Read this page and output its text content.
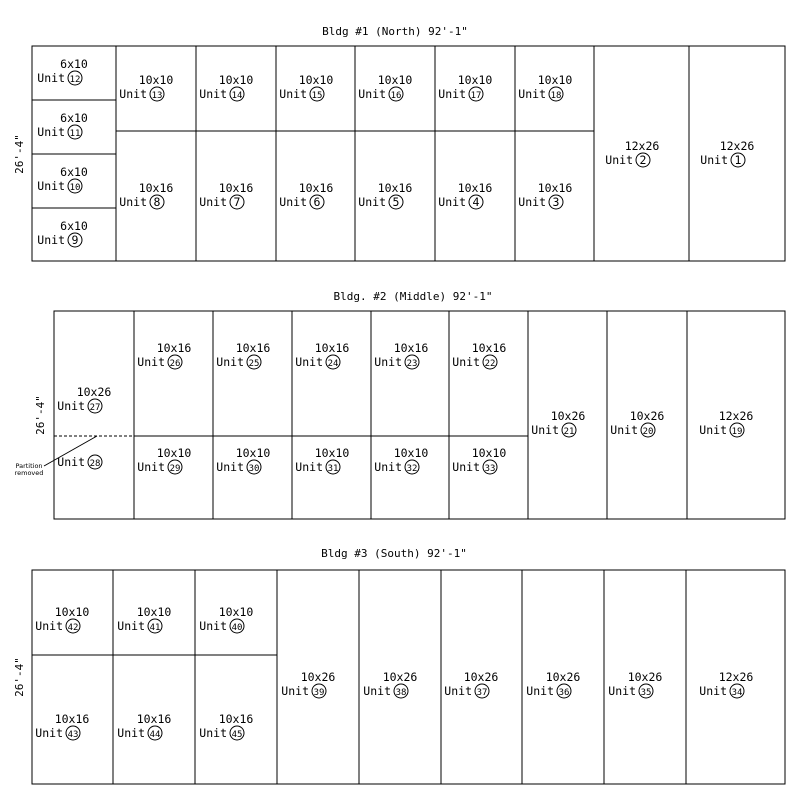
Bldg #1 (North) 92'-1"
26'-4"
6x10
Unit 12
6x10
Unit 11
6x10
Unit 10
6x10
Unit 9
10x10
Unit 13
10x10
Unit 14
10x10
Unit 15
10x10
Unit 16
10x10
Unit 17
10x10
Unit 18
10x16
Unit 8
10x16
Unit 7
10x16
Unit 6
10x16
Unit 5
10x16
Unit 4
10x16
Unit 3
12x26
Unit 2
12x26
Unit 1
Bldg. #2 (Middle) 92'-1"
26'-4"
Partition
removed
10x26
Unit 27
Unit 28
10x16
Unit 26
10x16
Unit 25
10x16
Unit 24
10x16
Unit 23
10x16
Unit 22
10x10
Unit 29
10x10
Unit 30
10x10
Unit 31
10x10
Unit 32
10x10
Unit 33
10x26
Unit 21
10x26
Unit 20
12x26
Unit 19
Bldg #3 (South) 92'-1"
26'-4"
10x10
Unit 42
10x10
Unit 41
10x10
Unit 40
10x16
Unit 43
10x16
Unit 44
10x16
Unit 45
10x26
Unit 39
10x26
Unit 38
10x26
Unit 37
10x26
Unit 36
10x26
Unit 35
12x26
Unit 34
